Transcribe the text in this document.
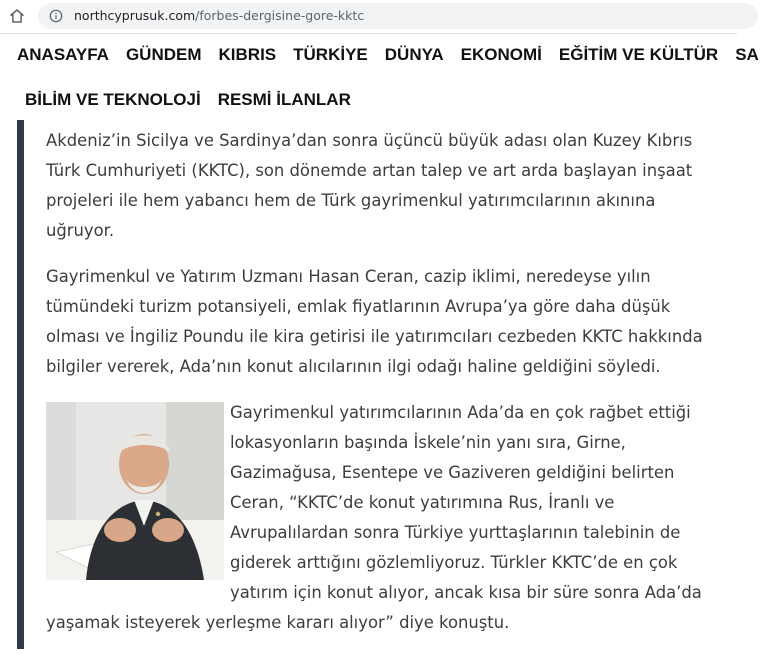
northcyprusuk.com/forbes-dergisine-gore-kktc
ANASAYFA GÜNDEM KIBRIS TÜRKİYE DÜNYA EKONOMİ EĞİTİM VE KÜLTÜR SA
BİLİM VE TEKNOLOJİ RESMİ İLANLAR

Akdeniz’in Sicilya ve Sardinya’dan sonra üçüncü büyük adası olan Kuzey Kıbrıs Türk Cumhuriyeti (KKTC), son dönemde artan talep ve art arda başlayan inşaat projeleri ile hem yabancı hem de Türk gayrimenkul yatırımcılarının akınına uğruyor.

Gayrimenkul ve Yatırım Uzmanı Hasan Ceran, cazip iklimi, neredeyse yılın tümündeki turizm potansiyeli, emlak fiyatlarının Avrupa’ya göre daha düşük olması ve İngiliz Poundu ile kira getirisi ile yatırımcıları cezbeden KKTC hakkında bilgiler vererek, Ada’nın konut alıcılarının ilgi odağı haline geldiğini söyledi.

Gayrimenkul yatırımcılarının Ada’da en çok rağbet ettiği lokasyonların başında İskele’nin yanı sıra, Girne, Gazimağusa, Esentepe ve Gaziveren geldiğini belirten Ceran, “KKTC’de konut yatırımına Rus, İranlı ve Avrupalılardan sonra Türkiye yurttaşlarının talebinin de giderek arttığını gözlemliyoruz. Türkler KKTC’de en çok yatırım için konut alıyor, ancak kısa bir süre sonra Ada’da yaşamak isteyerek yerleşme kararı alıyor” diye konuştu.
